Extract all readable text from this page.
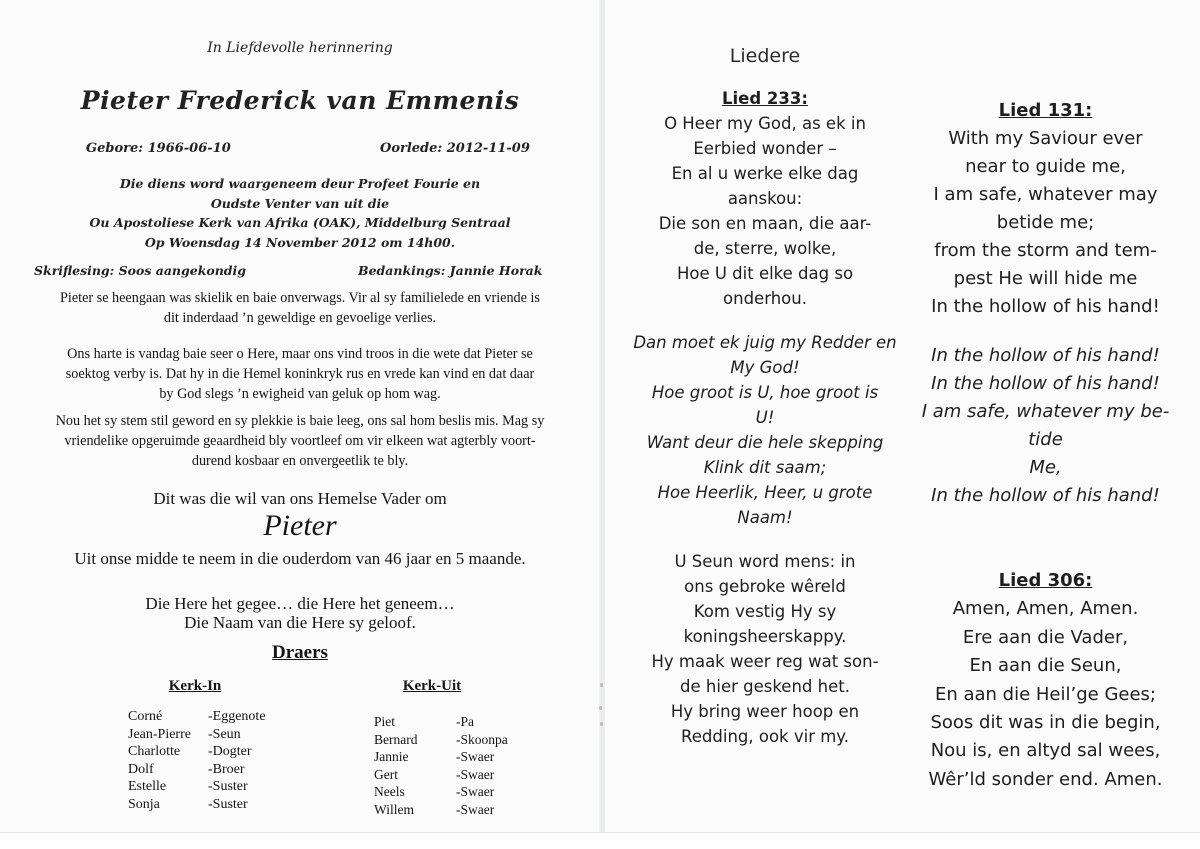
In Liefdevolle herinnering
Pieter Frederick van Emmenis
Gebore: 1966-06-10	Oorlede: 2012-11-09
Die diens word waargeneem deur Profeet Fourie en
Oudste Venter van uit die
Ou Apostoliese Kerk van Afrika (OAK), Middelburg Sentraal
Op Woensdag 14 November 2012 om 14h00.
Skriflesing: Soos aangekondig	Bedankings: Jannie Horak
Pieter se heengaan was skielik en baie onverwags. Vir al sy familielede en vriende is
dit inderdaad ’n geweldige en gevoelige verlies.
Ons harte is vandag baie seer o Here, maar ons vind troos in die wete dat Pieter se
soektog verby is. Dat hy in die Hemel koninkryk rus en vrede kan vind en dat daar
by God slegs ’n ewigheid van geluk op hom wag.
Nou het sy stem stil geword en sy plekkie is baie leeg, ons sal hom beslis mis. Mag sy
vriendelike opgeruimde geaardheid bly voortleef om vir elkeen wat agterbly voort-
durend kosbaar en onvergeetlik te bly.
Dit was die wil van ons Hemelse Vader om
Pieter
Uit onse midde te neem in die ouderdom van 46 jaar en 5 maande.
Die Here het gegee… die Here het geneem…
Die Naam van die Here sy geloof.
Draers
Kerk-In	Kerk-Uit
Corné	-Eggenote
Jean-Pierre	-Seun
Charlotte	-Dogter
Dolf	-Broer
Estelle	-Suster
Sonja	-Suster
Piet	-Pa
Bernard	-Skoonpa
Jannie	-Swaer
Gert	-Swaer
Neels	-Swaer
Willem	-Swaer
Liedere
Lied 233:
O Heer my God, as ek in
Eerbied wonder –
En al u werke elke dag
aanskou:
Die son en maan, die aar-
de, sterre, wolke,
Hoe U dit elke dag so
onderhou.
Dan moet ek juig my Redder en
My God!
Hoe groot is U, hoe groot is
U!
Want deur die hele skepping
Klink dit saam;
Hoe Heerlik, Heer, u grote
Naam!
U Seun word mens: in
ons gebroke wêreld
Kom vestig Hy sy
koningsheerskappy.
Hy maak weer reg wat son-
de hier geskend het.
Hy bring weer hoop en
Redding, ook vir my.
Lied 131:
With my Saviour ever
near to guide me,
I am safe, whatever may
betide me;
from the storm and tem-
pest He will hide me
In the hollow of his hand!
In the hollow of his hand!
In the hollow of his hand!
I am safe, whatever my be-
tide
Me,
In the hollow of his hand!
Lied 306:
Amen, Amen, Amen.
Ere aan die Vader,
En aan die Seun,
En aan die Heil’ge Gees;
Soos dit was in die begin,
Nou is, en altyd sal wees,
Wêr’ld sonder end. Amen.
